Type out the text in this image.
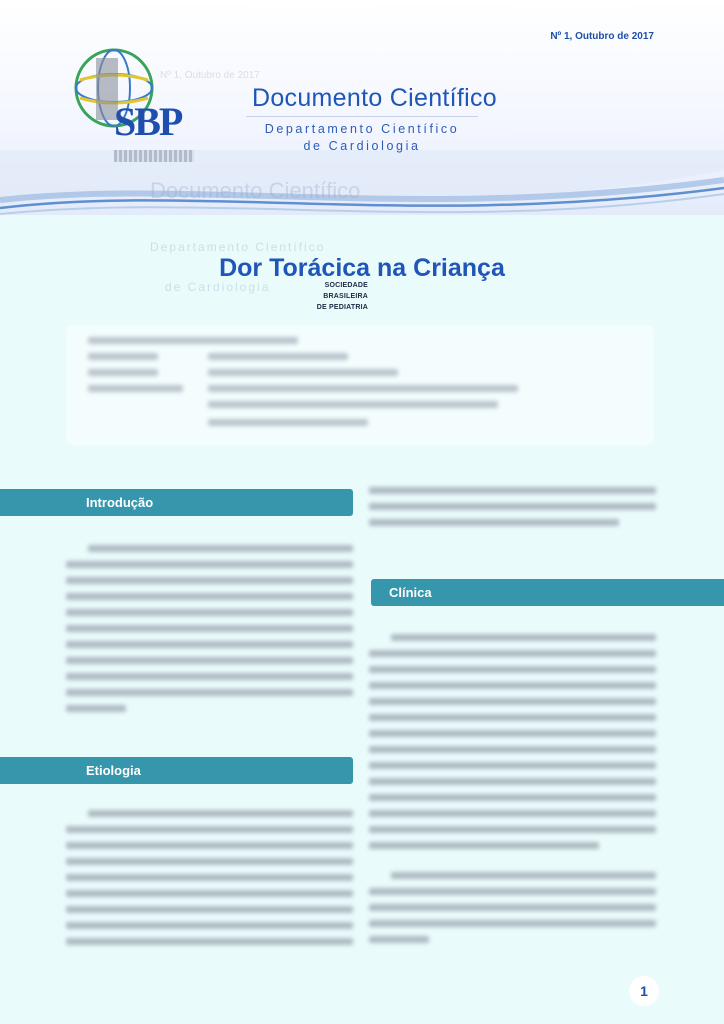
Nº 1, Outubro de 2017
SBP
Nº 1, Outubro de 2017
Documento Científico
Departamento Científico
de Cardiologia
Documento Científico
Departamento Científico
de Cardiologia	SOCIEDADE BRASILEIRA
DE PEDIATRIA
Dor Torácica na Criança
Introdução
Etiologia
Clínica
1
